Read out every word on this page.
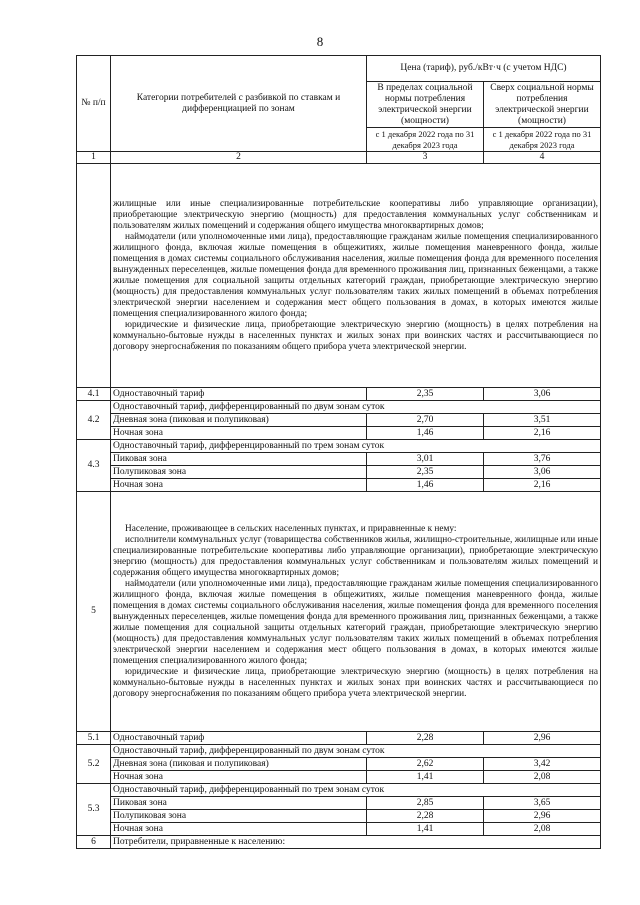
8
№ п/п	Категории потребителей с разбивкой по ставкам и дифференциацией по зонам	Цена (тариф), руб./кВт·ч (с учетом НДС)	
		В пределах социальной нормы потребления электрической энергии (мощности)	Сверх социальной нормы потребления электрической энергии (мощности)
		с 1 декабря 2022 года по 31 декабря 2023 года	с 1 декабря 2022 года по 31 декабря 2023 года
1	2	3	4

	жилищные или иные специализированные потребительские кооперативы либо управляющие организации), приобретающие электрическую энергию (мощность) для предоставления коммунальных услуг собственникам и пользователям жилых помещений и содержания общего имущества многоквартирных домов;

наймодатели (или уполномоченные ими лица), предоставляющие гражданам жилые помещения специализированного жилищного фонда, включая жилые помещения в общежитиях, жилые помещения маневренного фонда, жилые помещения в домах системы социального обслуживания населения, жилые помещения фонда для временного поселения вынужденных переселенцев, жилые помещения фонда для временного проживания лиц, признанных беженцами, а также жилые помещения для социальной защиты отдельных категорий граждан, приобретающие электрическую энергию (мощность) для предоставления коммунальных услуг пользователям таких жилых помещений в объемах потребления электрической энергии населением и содержания мест общего пользования в домах, в которых имеются жилые помещения специализированного жилого фонда;

юридические и физические лица, приобретающие электрическую энергию (мощность) в целях потребления на коммунально-бытовые нужды в населенных пунктах и жилых зонах при воинских частях и рассчитывающиеся по договору энергоснабжения по показаниям общего прибора учета электрической энергии.		

4.1	Одноставочный тариф	2,35	3,06
4.2	Одноставочный тариф, дифференцированный по двум зонам суток		
	Дневная зона (пиковая и полупиковая)	2,70	3,51
	Ночная зона	1,46	2,16
4.3	Одноставочный тариф, дифференцированный по трем зонам суток		
	Пиковая зона	3,01	3,76
	Полупиковая зона	2,35	3,06
	Ночная зона	1,46	2,16
5	Население, проживающее в сельских населенных пунктах, и приравненные к нему:

исполнители коммунальных услуг (товарищества собственников жилья, жилищно-строительные, жилищные или иные специализированные потребительские кооперативы либо управляющие организации), приобретающие электрическую энергию (мощность) для предоставления коммунальных услуг собственникам и пользователям жилых помещений и содержания общего имущества многоквартирных домов;

наймодатели (или уполномоченные ими лица), предоставляющие гражданам жилые помещения специализированного жилищного фонда, включая жилые помещения в общежитиях, жилые помещения маневренного фонда, жилые помещения в домах системы социального обслуживания населения, жилые помещения фонда для временного поселения вынужденных переселенцев, жилые помещения фонда для временного проживания лиц, признанных беженцами, а также жилые помещения для социальной защиты отдельных категорий граждан, приобретающие электрическую энергию (мощность) для предоставления коммунальных услуг пользователям таких жилых помещений в объемах потребления электрической энергии населением и содержания мест общего пользования в домах, в которых имеются жилые помещения специализированного жилого фонда;

юридические и физические лица, приобретающие электрическую энергию (мощность) в целях потребления на коммунально-бытовые нужды в населенных пунктах и жилых зонах при воинских частях и рассчитывающиеся по договору энергоснабжения по показаниям общего прибора учета электрической энергии.		

5.1	Одноставочный тариф	2,28	2,96
5.2	Одноставочный тариф, дифференцированный по двум зонам суток		
	Дневная зона (пиковая и полупиковая)	2,62	3,42
	Ночная зона	1,41	2,08
5.3	Одноставочный тариф, дифференцированный по трем зонам суток		
	Пиковая зона	2,85	3,65
	Полупиковая зона	2,28	2,96
	Ночная зона	1,41	2,08
6	Потребители, приравненные к населению:		
